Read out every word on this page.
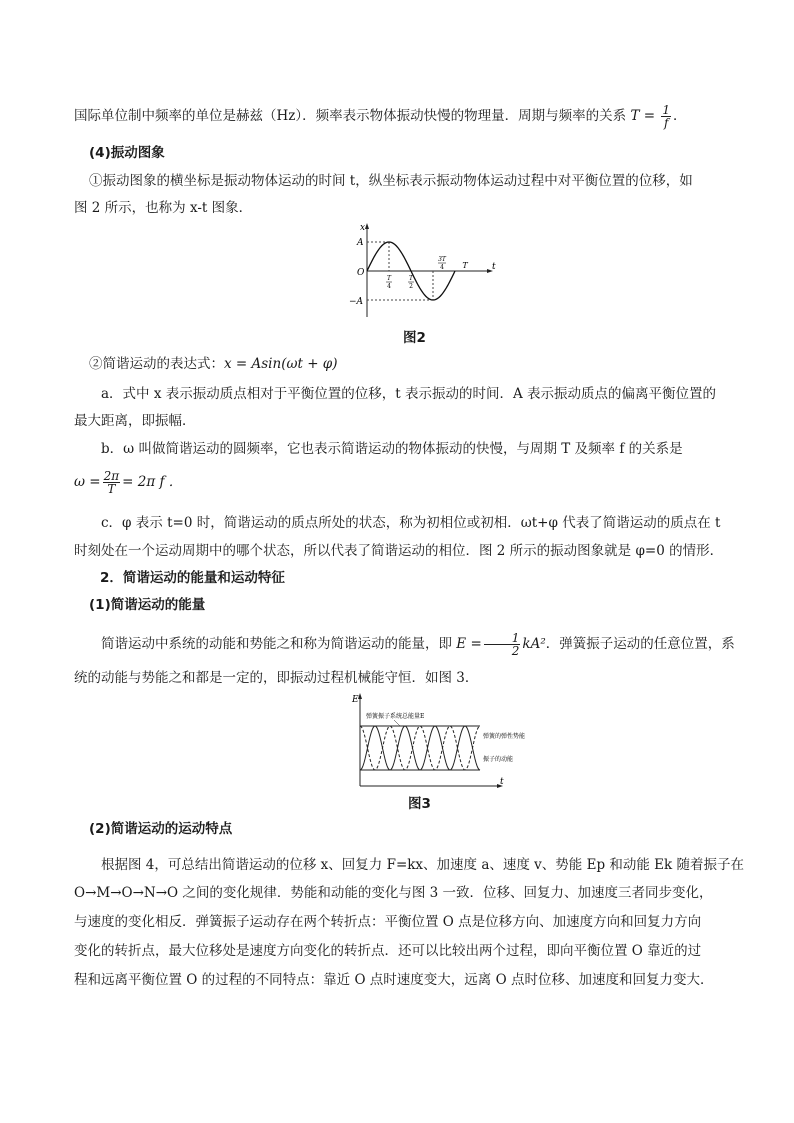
国际单位制中频率的单位是赫兹（Hz）．频率表示物体振动快慢的物理量．周期与频率的关系 $T = \frac{1}{f}$ ．
(4)振动图象
①振动图象的横坐标是振动物体运动的时间 t，纵坐标表示振动物体运动过程中对平衡位置的位移，如
图 2 所示，也称为 x-t 图象．
x
t
O
A
−A
T
4
T
2
3T
4 T
图2
②简谐运动的表达式：x = Asin(ωt + φ)
a．式中 x 表示振动质点相对于平衡位置的位移，t 表示振动的时间．A 表示振动质点的偏离平衡位置的
最大距离，即振幅．
b．ω 叫做简谐运动的圆频率，它也表示简谐运动的物体振动的快慢，与周期 T 及频率 f 的关系是
$\omega = \frac{2\pi}{T} = 2\pi$ f ．
c．φ 表示 t=0 时，简谐运动的质点所处的状态，称为初相位或初相．ωt+φ 代表了简谐运动的质点在 t
时刻处在一个运动周期中的哪个状态，所以代表了简谐运动的相位．图 2 所示的振动图象就是 φ=0 的情形．
2．简谐运动的能量和运动特征
(1)简谐运动的能量
简谐运动中系统的动能和势能之和称为简谐运动的能量，即 $E = \frac{1}{2} kA^2$．弹簧振子运动的任意位置，系
统的动能与势能之和都是一定的，即振动过程机械能守恒．如图 3．
E
t
弹簧振子系统总能量E
弹簧的弹性势能
振子的动能
图3
(2)简谐运动的运动特点
根据图 4，可总结出简谐运动的位移 x、回复力 F=kx、加速度 a、速度 v、势能 Ep 和动能 Ek 随着振子在
O→M→O→N→O 之间的变化规律．势能和动能的变化与图 3 一致．位移、回复力、加速度三者同步变化，
与速度的变化相反．弹簧振子运动存在两个转折点：平衡位置 O 点是位移方向、加速度方向和回复力方向
变化的转折点，最大位移处是速度方向变化的转折点．还可以比较出两个过程，即向平衡位置 O 靠近的过
程和远离平衡位置 O 的过程的不同特点：靠近 O 点时速度变大，远离 O 点时位移、加速度和回复力变大．
